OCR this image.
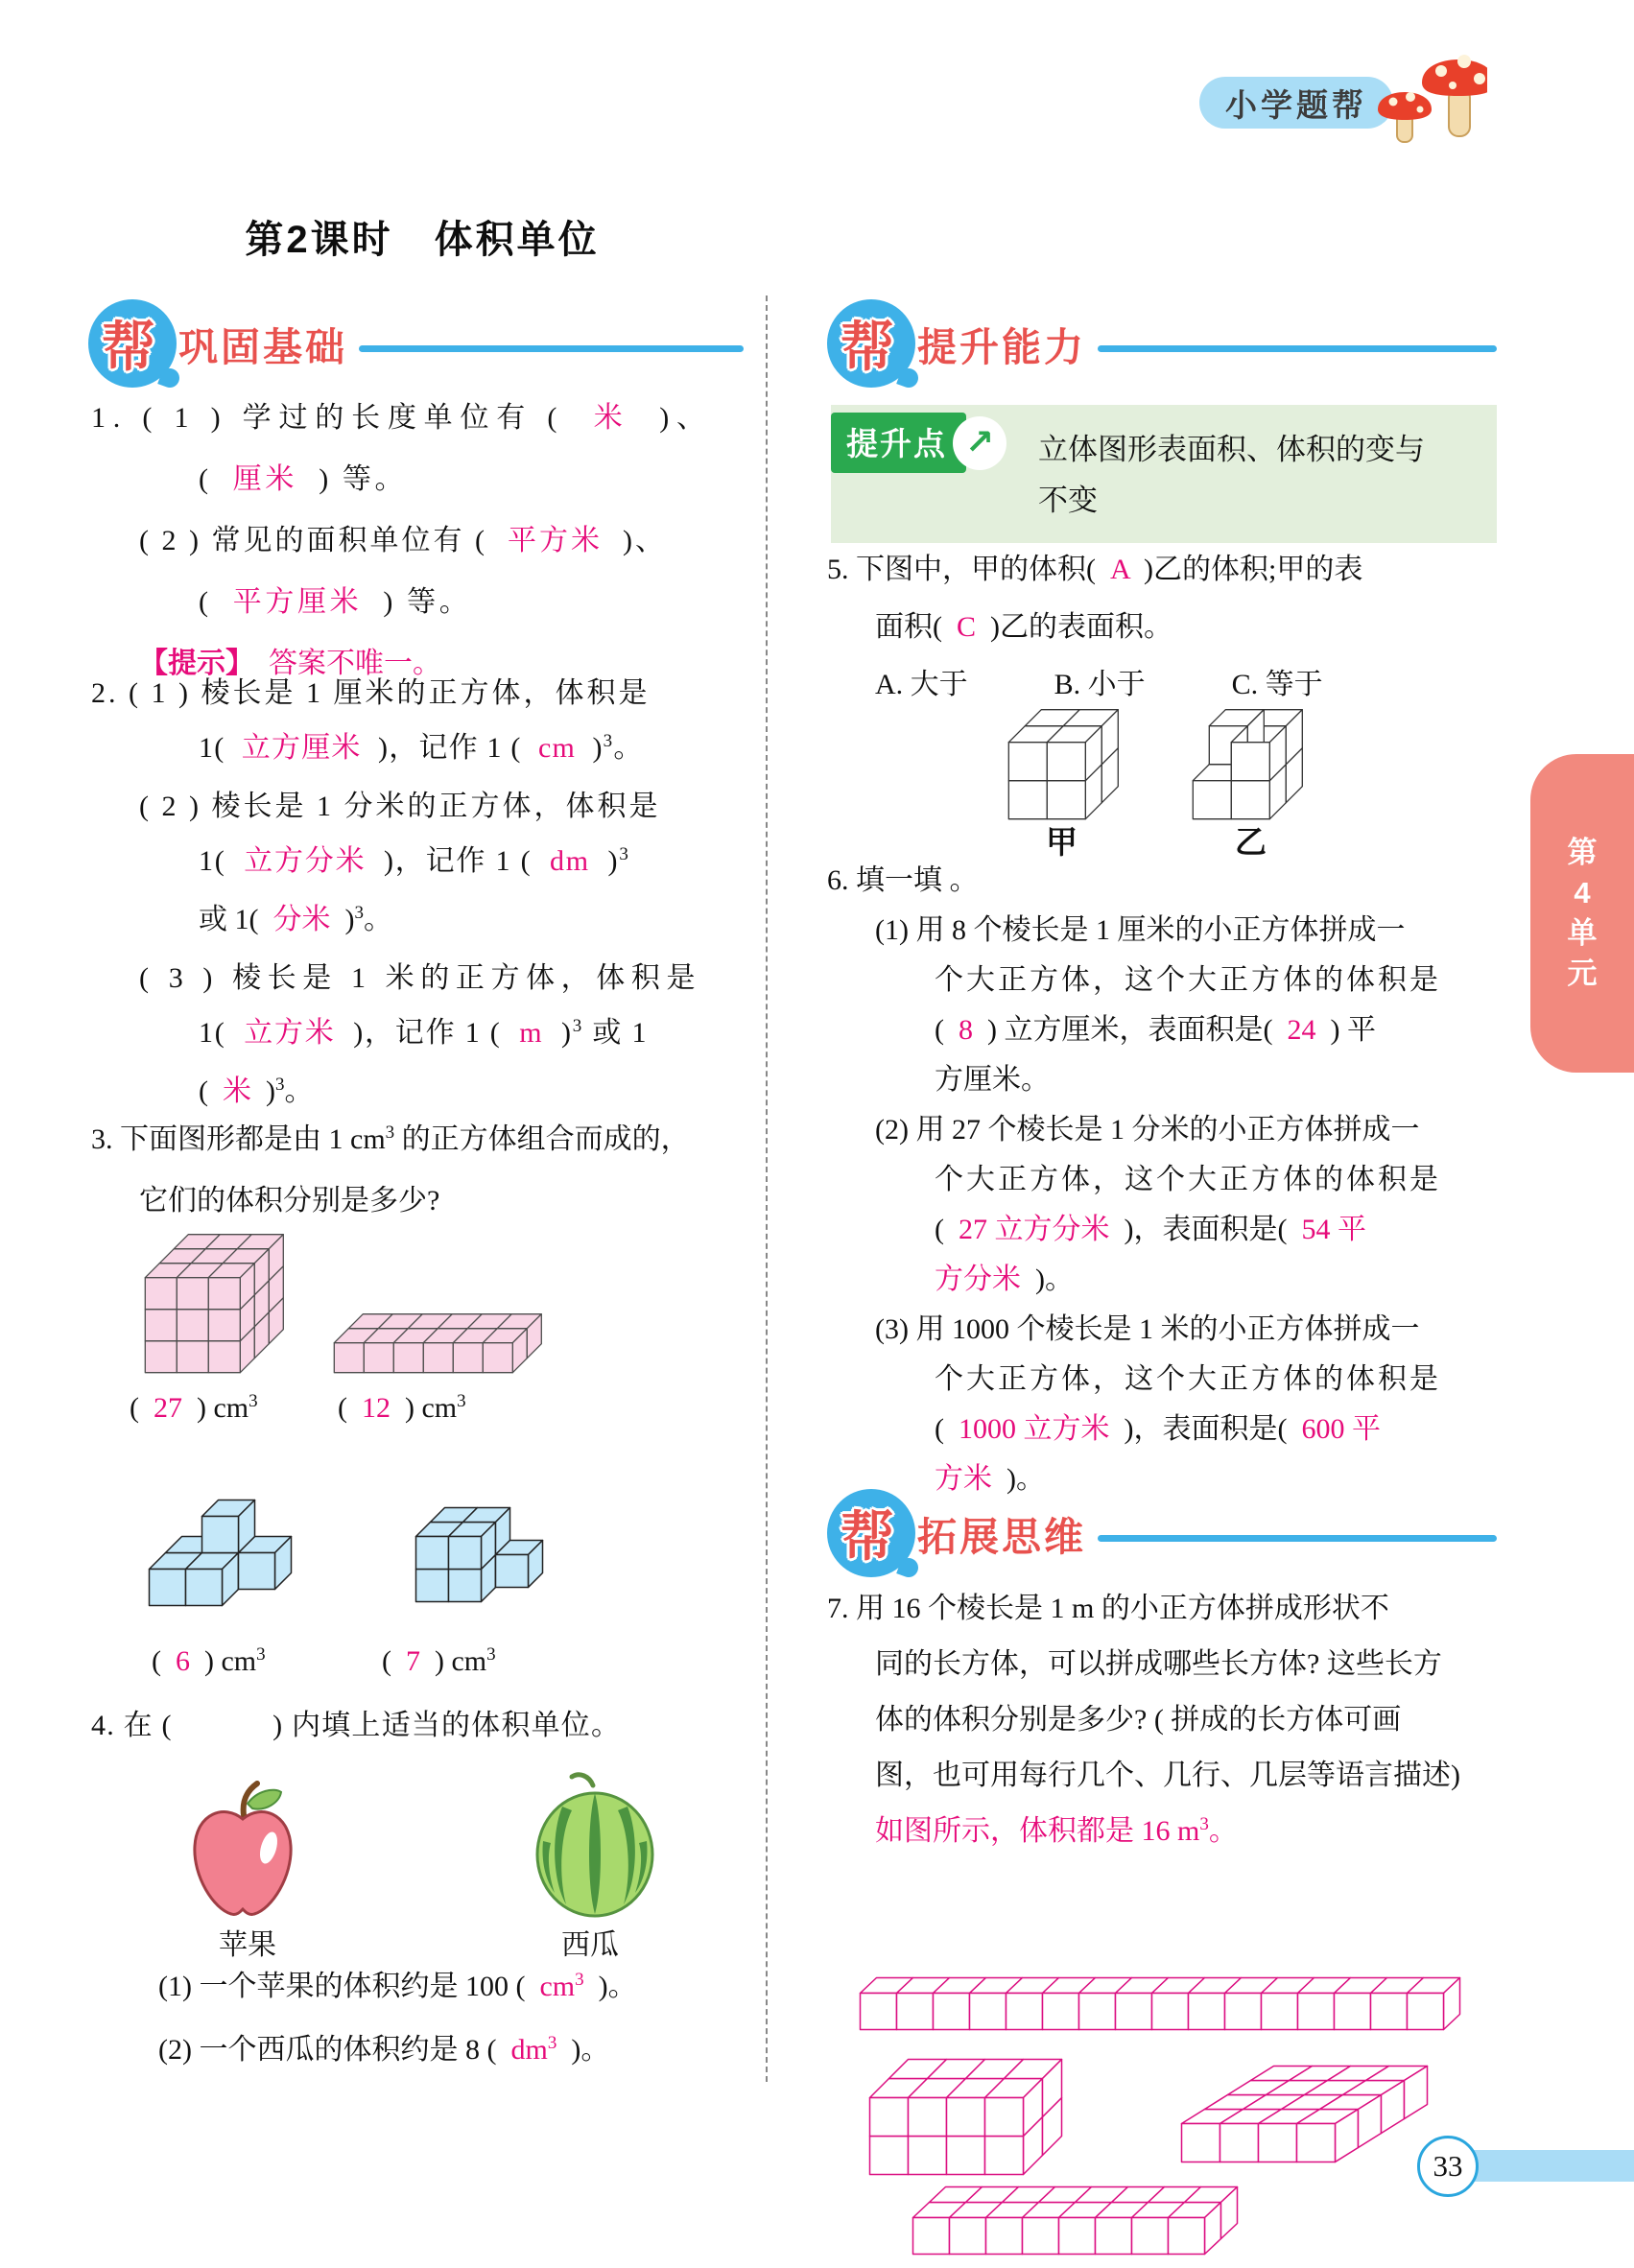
小学题帮
第2课时　体积单位
第
4
单
元
帮 巩固基础
1. ( 1 ) 学过的长度单位有 (  米  )、
(  厘米  ) 等。
( 2 ) 常见的面积单位有 (  平方米  )、
(  平方厘米  ) 等。
【提示】 答案不唯一。
2. ( 1 ) 棱长是 1 厘米的正方体，体积是
1(  立方厘米  )，记作 1 (  cm  )$^3$。
( 2 ) 棱长是 1 分米的正方体，体积是
1(  立方分米  )，记作 1 (  dm  )$^3$
或 1(  分米  )$^3$。
( 3 ) 棱长是 1 米的正方体，体积是
1(  立方米  )，记作 1 (  m  )$^3$ 或 1
(  米  )$^3$。
3. 下面图形都是由 1 $cm^3$ 的正方体组合而成的，
它们的体积分别是多少?
(  27  ) $cm^3$	(  12  ) $cm^3$
(  6  ) $cm^3$	(  7  ) $cm^3$
4. 在 (            ) 内填上适当的体积单位。
苹果	西瓜
(1) 一个苹果的体积约是 100 (  $cm^3$  )。
(2) 一个西瓜的体积约是 8 (  $dm^3$  )。
帮 提升能力
提升点 ↗ 立体图形表面积、体积的变与
不变
5. 下图中，甲的体积(  A  )乙的体积;甲的表
面积(  C  )乙的表面积。
A. 大于            B. 小于            C. 等于
甲	乙
6. 填一填 。
(1) 用 8 个棱长是 1 厘米的小正方体拼成一
个大正方体，这个大正方体的体积是
(  8  ) 立方厘米，表面积是(  24  ) 平
方厘米。
(2) 用 27 个棱长是 1 分米的小正方体拼成一
个大正方体，这个大正方体的体积是
(  27 立方分米  )，表面积是(  54 平
方分米  )。
(3) 用 1000 个棱长是 1 米的小正方体拼成一
个大正方体，这个大正方体的体积是
(  1000 立方米  )，表面积是(  600 平
方米  )。
帮 拓展思维
7. 用 16 个棱长是 1 m 的小正方体拼成形状不
同的长方体，可以拼成哪些长方体? 这些长方
体的体积分别是多少? ( 拼成的长方体可画
图，也可用每行几个、几行、几层等语言描述)
如图所示，体积都是 16 $m^3$。
33
